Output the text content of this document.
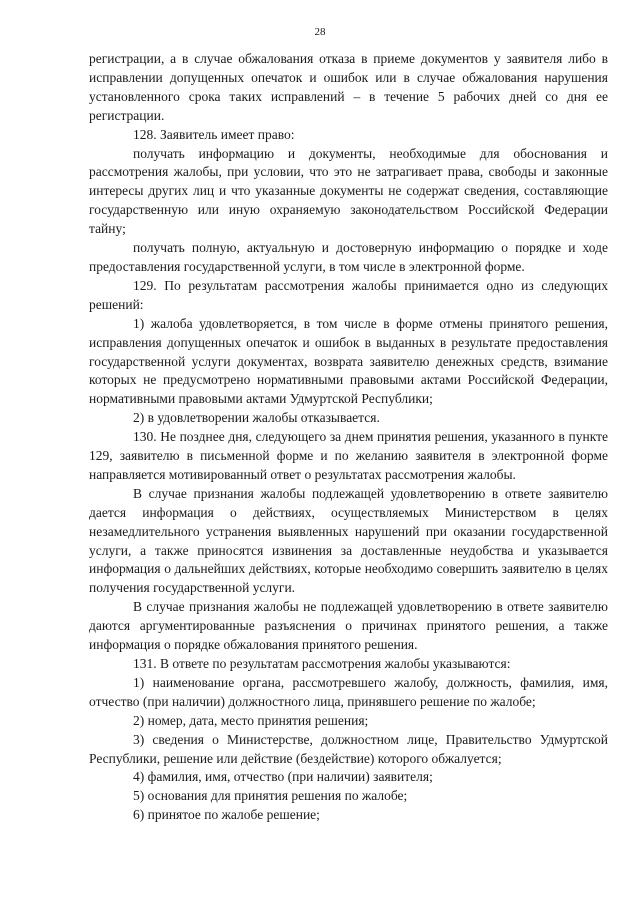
28

регистрации, а в случае обжалования отказа в приеме документов у заявителя либо в исправлении допущенных опечаток и ошибок или в случае обжалования нарушения установленного срока таких исправлений – в течение 5 рабочих дней со дня ее регистрации.

128. Заявитель имеет право:

получать информацию и документы, необходимые для обоснования и рассмотрения жалобы, при условии, что это не затрагивает права, свободы и законные интересы других лиц и что указанные документы не содержат сведения, составляющие государственную или иную охраняемую законодательством Российской Федерации тайну;

получать полную, актуальную и достоверную информацию о порядке и ходе предоставления государственной услуги, в том числе в электронной форме.

129. По результатам рассмотрения жалобы принимается одно из следующих решений:

1) жалоба удовлетворяется, в том числе в форме отмены принятого решения, исправления допущенных опечаток и ошибок в выданных в результате предоставления государственной услуги документах, возврата заявителю денежных средств, взимание которых не предусмотрено нормативными правовыми актами Российской Федерации, нормативными правовыми актами Удмуртской Республики;

2) в удовлетворении жалобы отказывается.

130. Не позднее дня, следующего за днем принятия решения, указанного в пункте 129, заявителю в письменной форме и по желанию заявителя в электронной форме направляется мотивированный ответ о результатах рассмотрения жалобы.

В случае признания жалобы подлежащей удовлетворению в ответе заявителю дается информация о действиях, осуществляемых Министерством в целях незамедлительного устранения выявленных нарушений при оказании государственной услуги, а также приносятся извинения за доставленные неудобства и указывается информация о дальнейших действиях, которые необходимо совершить заявителю в целях получения государственной услуги.

В случае признания жалобы не подлежащей удовлетворению в ответе заявителю даются аргументированные разъяснения о причинах принятого решения, а также информация о порядке обжалования принятого решения.

131. В ответе по результатам рассмотрения жалобы указываются:

1) наименование органа, рассмотревшего жалобу, должность, фамилия, имя, отчество (при наличии) должностного лица, принявшего решение по жалобе;

2) номер, дата, место принятия решения;

3) сведения о Министерстве, должностном лице, Правительство Удмуртской Республики, решение или действие (бездействие) которого обжалуется;

4) фамилия, имя, отчество (при наличии) заявителя;

5) основания для принятия решения по жалобе;

6) принятое по жалобе решение;
